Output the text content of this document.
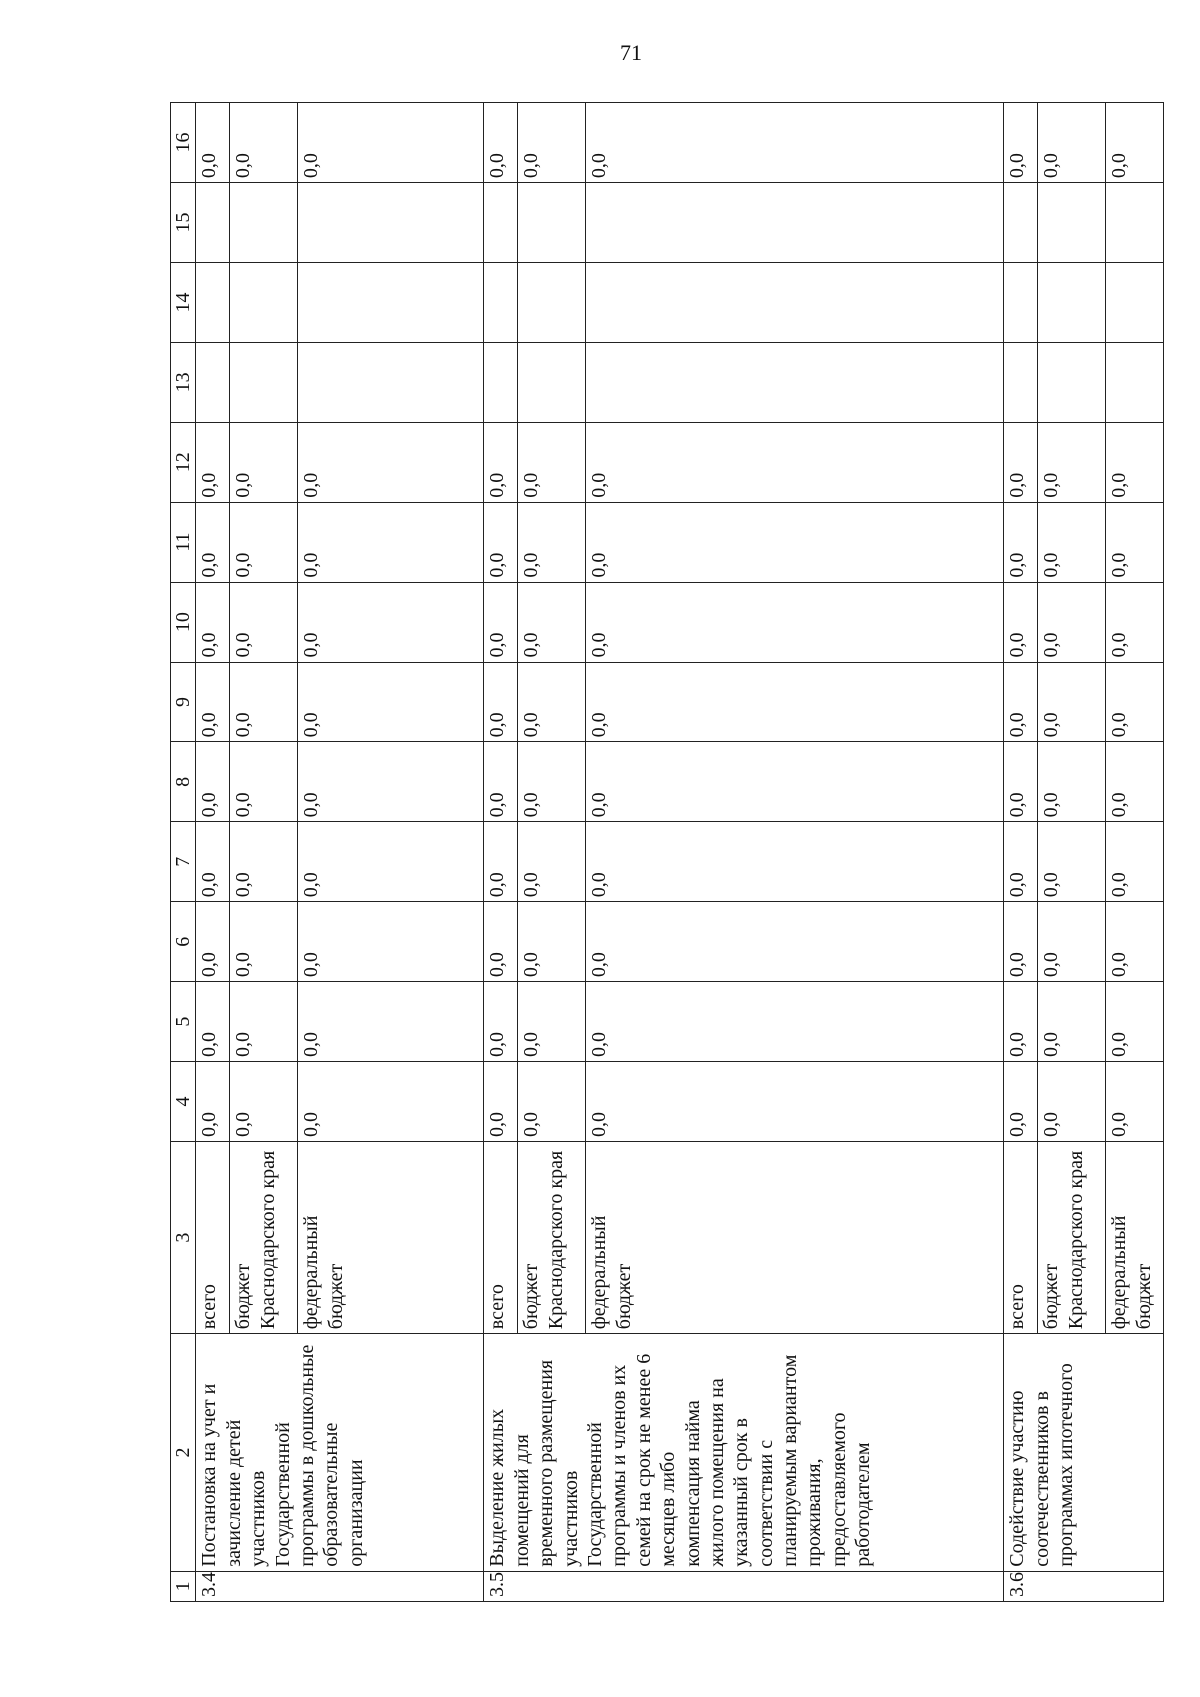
71
1	2	3	4	5	6	7	8	9	10	11	12	13	14	15	16
3.4	Постановка на учет и зачисление детей участников Государственной программы в дошкольные образовательные организации	всего	0,0	0,0	0,0	0,0	0,0	0,0	0,0	0,0	0,0				0,0
		бюджет Краснодарского края	0,0	0,0	0,0	0,0	0,0	0,0	0,0	0,0	0,0				0,0
		федеральный бюджет	0,0	0,0	0,0	0,0	0,0	0,0	0,0	0,0	0,0				0,0
3.5	Выделение жилых помещений для временного размещения участников Государственной программы и членов их семей на срок не менее 6 месяцев либо компенсация найма жилого помещения на указанный срок в соответствии с планируемым вариантом проживания, предоставляемого работодателем	всего	0,0	0,0	0,0	0,0	0,0	0,0	0,0	0,0	0,0				0,0
		бюджет Краснодарского края	0,0	0,0	0,0	0,0	0,0	0,0	0,0	0,0	0,0				0,0
		федеральный бюджет	0,0	0,0	0,0	0,0	0,0	0,0	0,0	0,0	0,0				0,0
3.6	Содействие участию соотечественников в программах ипотечного	всего	0,0	0,0	0,0	0,0	0,0	0,0	0,0	0,0	0,0				0,0
		бюджет Краснодарского края	0,0	0,0	0,0	0,0	0,0	0,0	0,0	0,0	0,0				0,0
		федеральный бюджет	0,0	0,0	0,0	0,0	0,0	0,0	0,0	0,0	0,0				0,0
